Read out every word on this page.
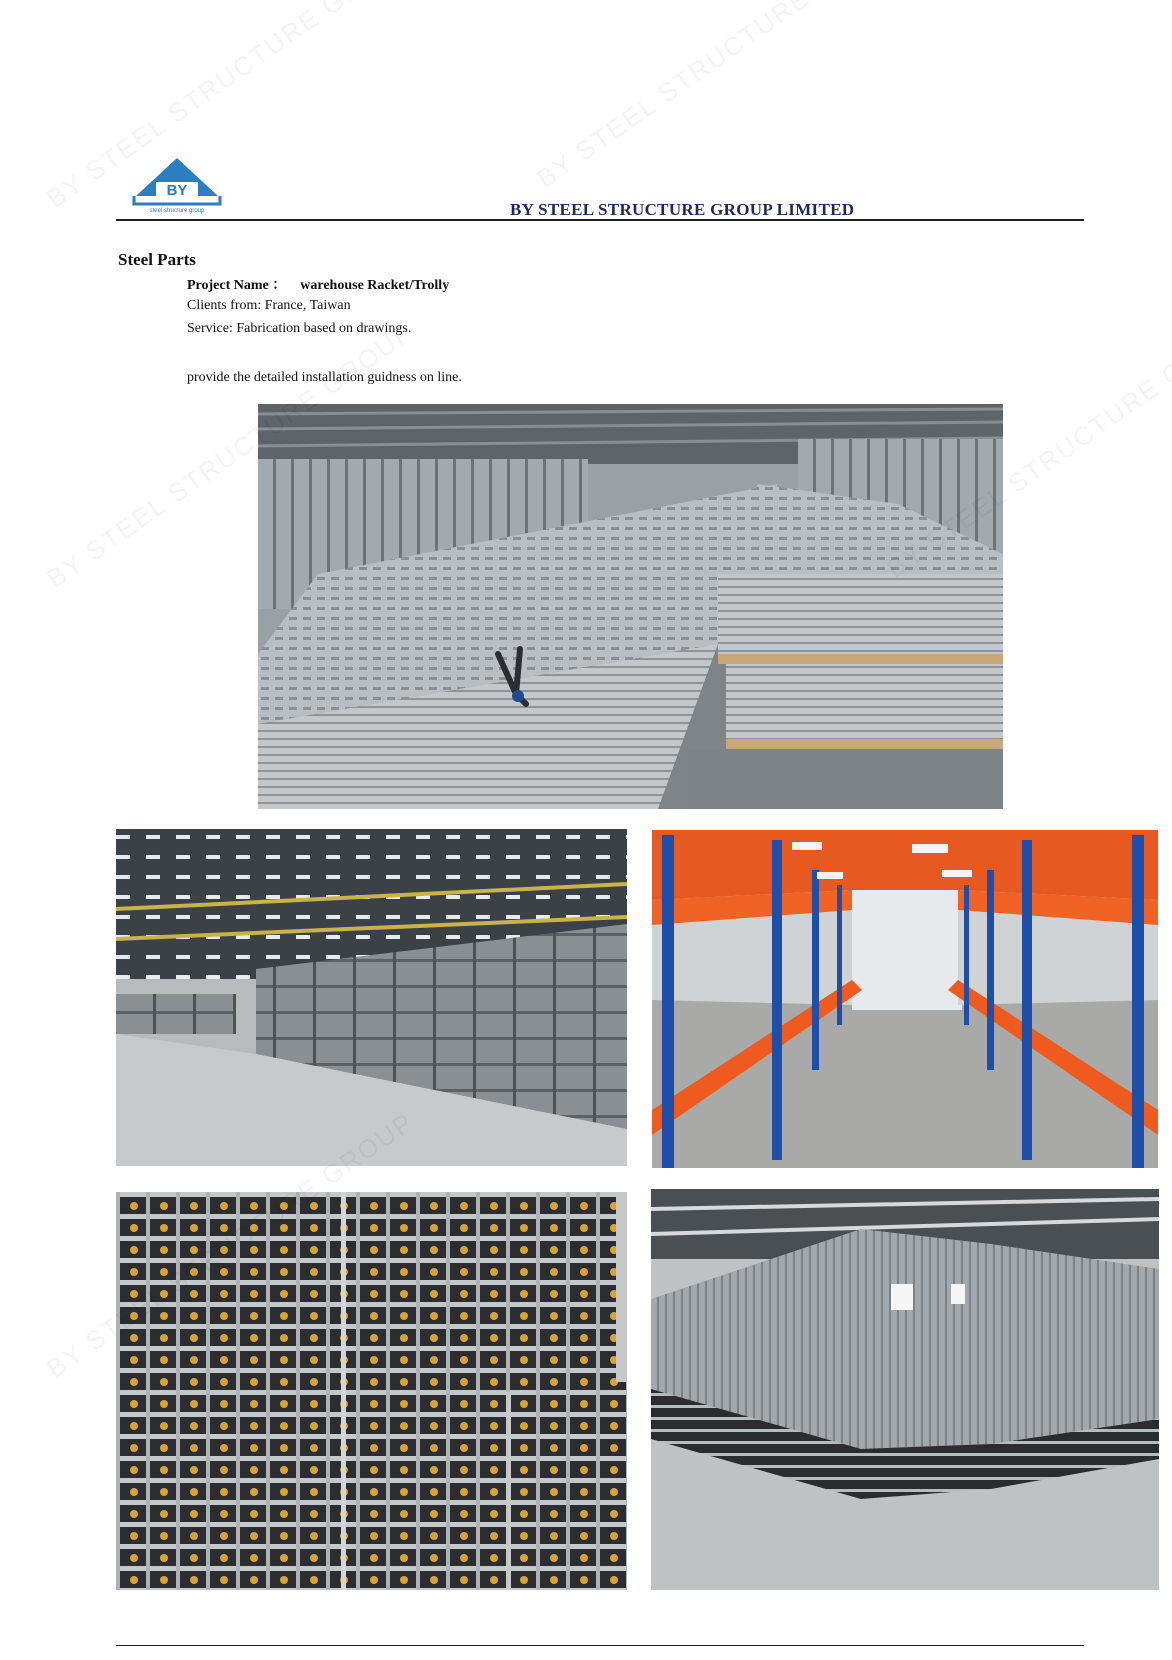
BY
steel structure group	BY STEEL STRUCTURE GROUP LIMITED
Steel Parts
Project Name ： warehouse Racket/Trolly
Clients from: France, Taiwan
Service: Fabrication based on drawings.
provide the detailed installation guidness on line.
